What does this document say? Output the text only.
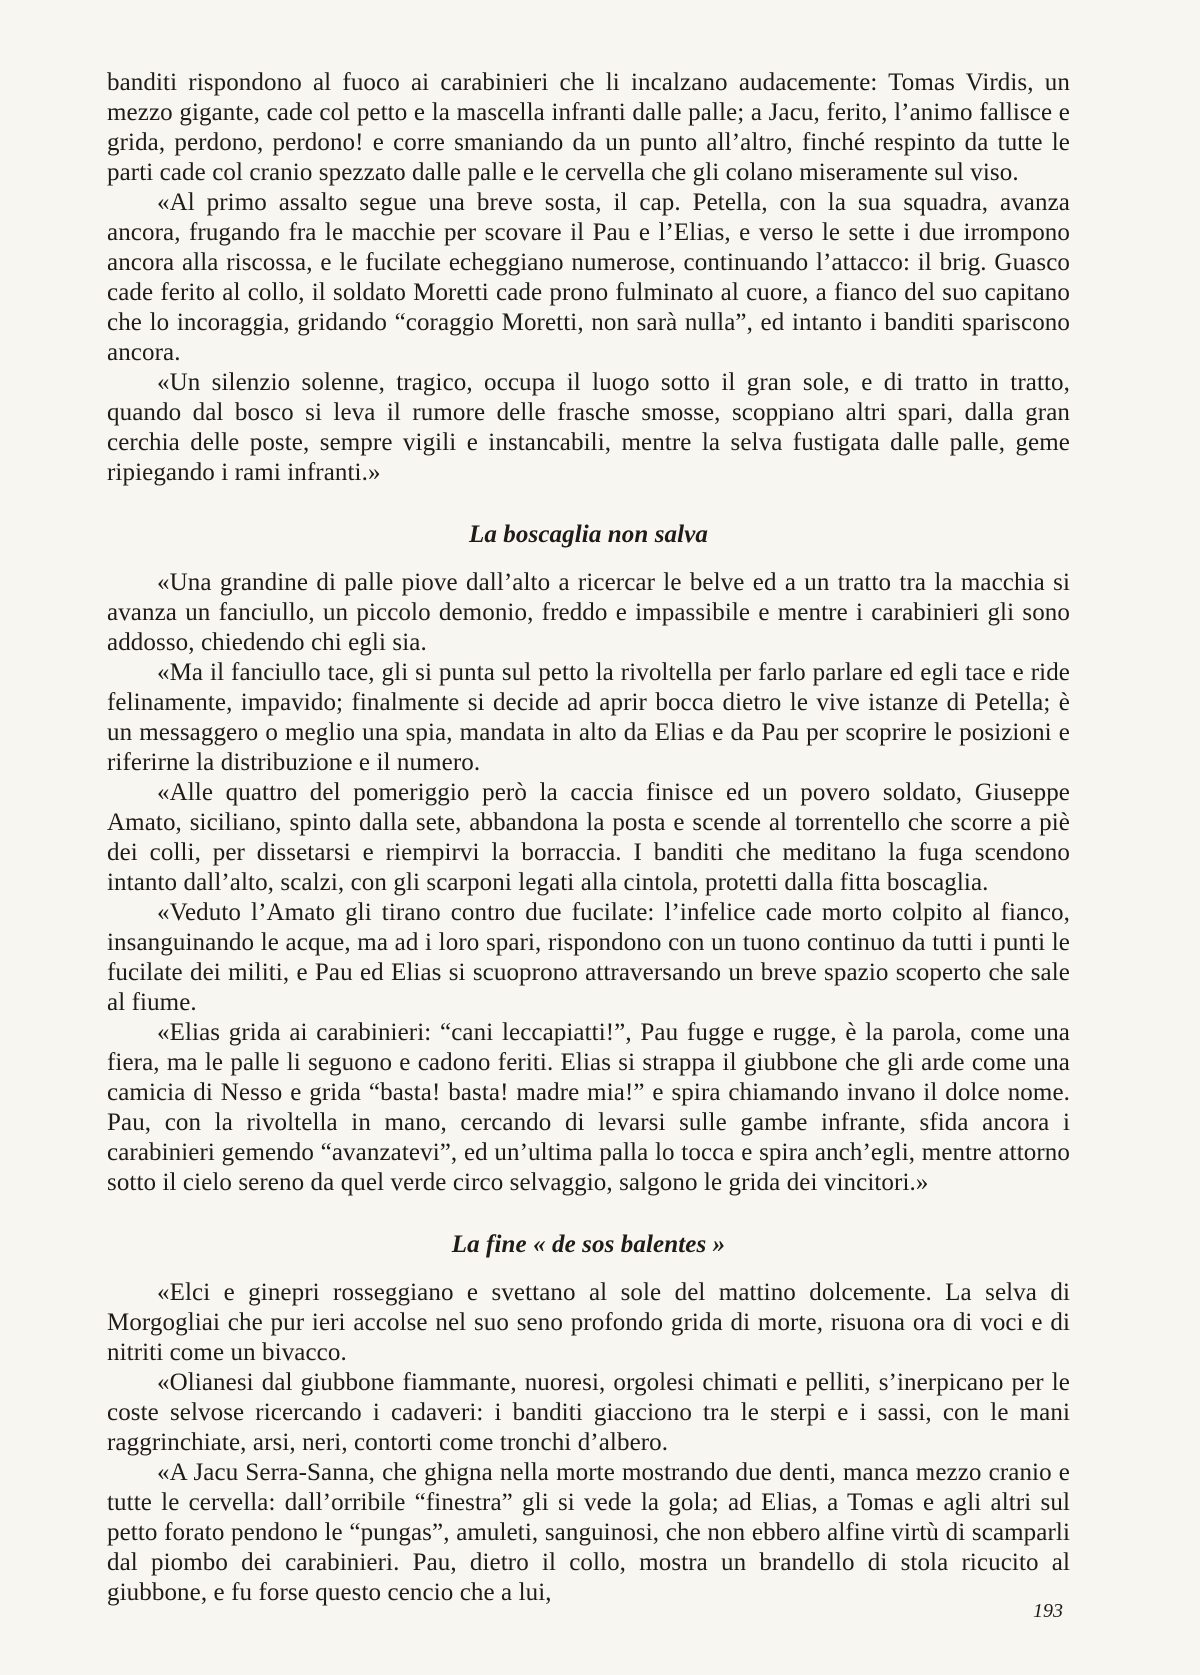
banditi rispondono al fuoco ai carabinieri che li incalzano audacemente: Tomas Virdis, un mezzo gigante, cade col petto e la mascella infranti dalle palle; a Jacu, ferito, l’animo fallisce e grida, perdono, perdono! e corre smaniando da un punto all’altro, finché respinto da tutte le parti cade col cranio spezzato dalle palle e le cervella che gli colano miseramente sul viso.

«Al primo assalto segue una breve sosta, il cap. Petella, con la sua squadra, avanza ancora, frugando fra le macchie per scovare il Pau e l’Elias, e verso le sette i due irrompono ancora alla riscossa, e le fucilate echeggiano numerose, continuando l’attacco: il brig. Guasco cade ferito al collo, il soldato Moretti cade prono fulminato al cuore, a fianco del suo capitano che lo incoraggia, gridando “coraggio Moretti, non sarà nulla”, ed intanto i banditi spariscono ancora.

«Un silenzio solenne, tragico, occupa il luogo sotto il gran sole, e di tratto in tratto, quando dal bosco si leva il rumore delle frasche smosse, scoppiano altri spari, dalla gran cerchia delle poste, sempre vigili e instancabili, mentre la selva fustigata dalle palle, geme ripiegando i rami infranti.»

La boscaglia non salva

«Una grandine di palle piove dall’alto a ricercar le belve ed a un tratto tra la macchia si avanza un fanciullo, un piccolo demonio, freddo e impassibile e mentre i carabinieri gli sono addosso, chiedendo chi egli sia.

«Ma il fanciullo tace, gli si punta sul petto la rivoltella per farlo parlare ed egli tace e ride felinamente, impavido; finalmente si decide ad aprir bocca dietro le vive istanze di Petella; è un messaggero o meglio una spia, mandata in alto da Elias e da Pau per scoprire le posizioni e riferirne la distribuzione e il numero.

«Alle quattro del pomeriggio però la caccia finisce ed un povero soldato, Giuseppe Amato, siciliano, spinto dalla sete, abbandona la posta e scende al torrentello che scorre a piè dei colli, per dissetarsi e riempirvi la borraccia. I banditi che meditano la fuga scendono intanto dall’alto, scalzi, con gli scarponi legati alla cintola, protetti dalla fitta boscaglia.

«Veduto l’Amato gli tirano contro due fucilate: l’infelice cade morto colpito al fianco, insanguinando le acque, ma ad i loro spari, rispondono con un tuono continuo da tutti i punti le fucilate dei militi, e Pau ed Elias si scuoprono attraversando un breve spazio scoperto che sale al fiume.

«Elias grida ai carabinieri: “cani leccapiatti!”, Pau fugge e rugge, è la parola, come una fiera, ma le palle li seguono e cadono feriti. Elias si strappa il giubbone che gli arde come una camicia di Nesso e grida “basta! basta! madre mia!” e spira chiamando invano il dolce nome. Pau, con la rivoltella in mano, cercando di levarsi sulle gambe infrante, sfida ancora i carabinieri gemendo “avanzatevi”, ed un’ultima palla lo tocca e spira anch’egli, mentre attorno sotto il cielo sereno da quel verde circo selvaggio, salgono le grida dei vincitori.»

La fine « de sos balentes »

«Elci e ginepri rosseggiano e svettano al sole del mattino dolcemente. La selva di Morgogliai che pur ieri accolse nel suo seno profondo grida di morte, risuona ora di voci e di nitriti come un bivacco.

«Olianesi dal giubbone fiammante, nuoresi, orgolesi chimati e pelliti, s’inerpicano per le coste selvose ricercando i cadaveri: i banditi giacciono tra le sterpi e i sassi, con le mani raggrinchiate, arsi, neri, contorti come tronchi d’albero.

«A Jacu Serra-Sanna, che ghigna nella morte mostrando due denti, manca mezzo cranio e tutte le cervella: dall’orribile “finestra” gli si vede la gola; ad Elias, a Tomas e agli altri sul petto forato pendono le “pungas”, amuleti, sanguinosi, che non ebbero alfine virtù di scamparli dal piombo dei carabinieri. Pau, dietro il collo, mostra un brandello di stola ricucito al giubbone, e fu forse questo cencio che a lui,

193
